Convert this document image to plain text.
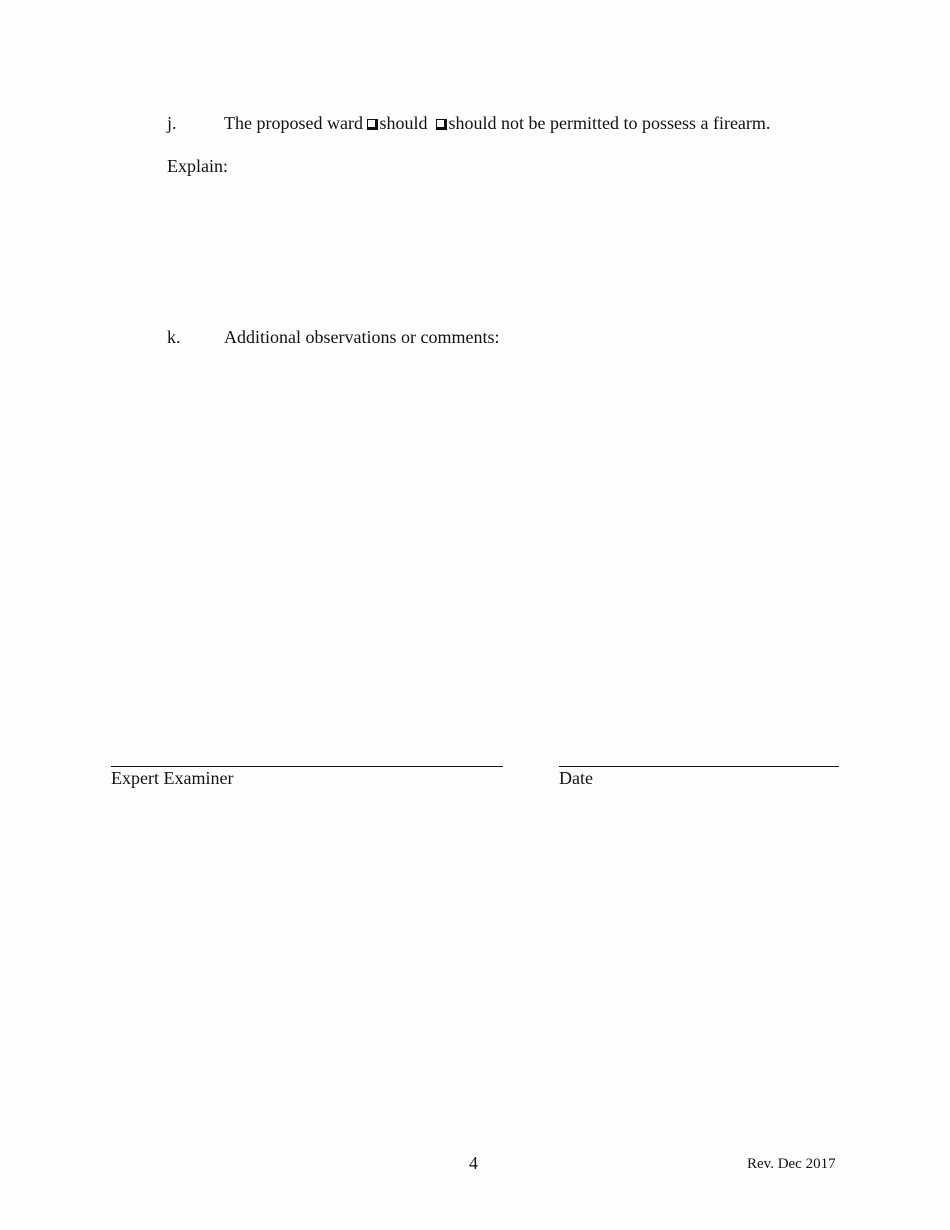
j.	The proposed ward should should not be permitted to possess a firearm.
Explain:
k. Additional observations or comments:
Expert Examiner	Date
4	Rev. Dec 2017
